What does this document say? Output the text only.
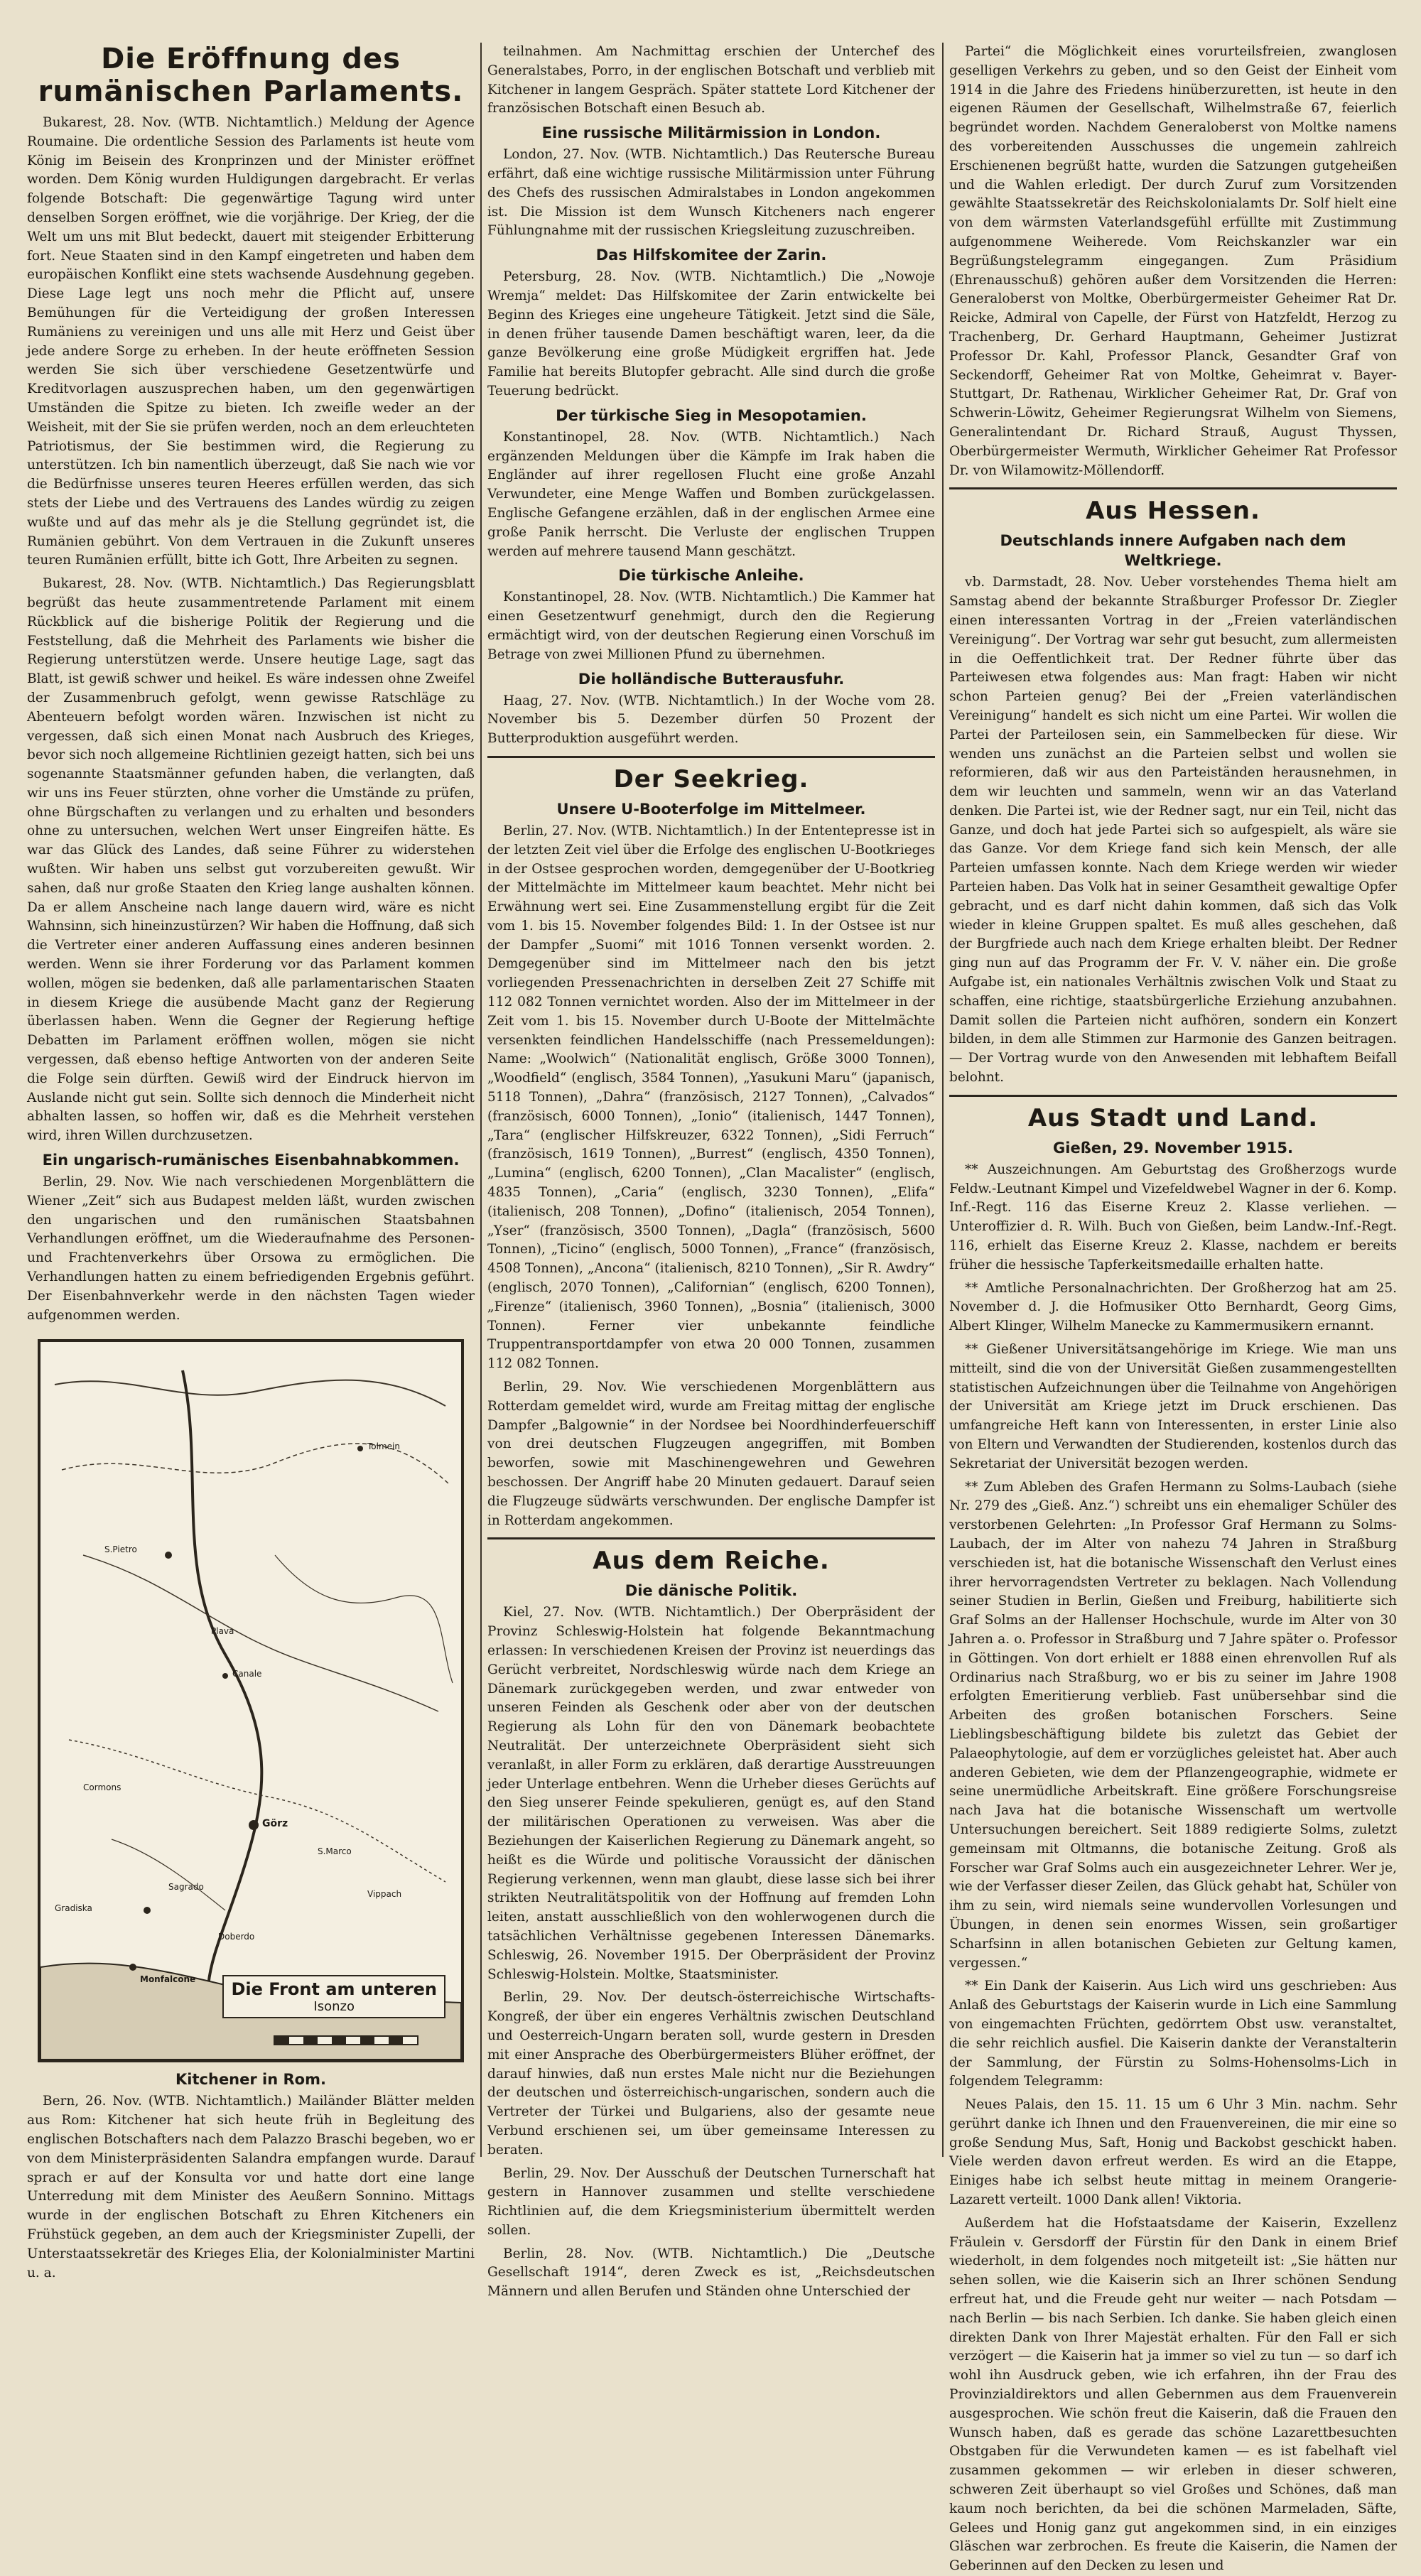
Die Eröffnung des rumänischen Parlaments.

Bukarest, 28. Nov. (WTB. Nichtamtlich.) Meldung der Agence Roumaine. Die ordentliche Session des Parlaments ist heute vom König im Beisein des Kronprinzen und der Minister eröffnet worden. Dem König wurden Huldigungen dargebracht. Er verlas folgende Botschaft: Die gegenwärtige Tagung wird unter denselben Sorgen eröffnet, wie die vorjährige. Der Krieg, der die Welt um uns mit Blut bedeckt, dauert mit steigender Erbitterung fort. Neue Staaten sind in den Kampf eingetreten und haben dem europäischen Konflikt eine stets wachsende Ausdehnung gegeben. Diese Lage legt uns noch mehr die Pflicht auf, unsere Bemühungen für die Verteidigung der großen Interessen Rumäniens zu vereinigen und uns alle mit Herz und Geist über jede andere Sorge zu erheben. In der heute eröffneten Session werden Sie sich über verschiedene Gesetzentwürfe und Kreditvorlagen auszusprechen haben, um den gegenwärtigen Umständen die Spitze zu bieten. Ich zweifle weder an der Weisheit, mit der Sie sie prüfen werden, noch an dem erleuchteten Patriotismus, der Sie bestimmen wird, die Regierung zu unterstützen. Ich bin namentlich überzeugt, daß Sie nach wie vor die Bedürfnisse unseres teuren Heeres erfüllen werden, das sich stets der Liebe und des Vertrauens des Landes würdig zu zeigen wußte und auf das mehr als je die Stellung gegründet ist, die Rumänien gebührt. Von dem Vertrauen in die Zukunft unseres teuren Rumänien erfüllt, bitte ich Gott, Ihre Arbeiten zu segnen.

Bukarest, 28. Nov. (WTB. Nichtamtlich.) Das Regierungsblatt begrüßt das heute zusammentretende Parlament mit einem Rückblick auf die bisherige Politik der Regierung und die Feststellung, daß die Mehrheit des Parlaments wie bisher die Regierung unterstützen werde. Unsere heutige Lage, sagt das Blatt, ist gewiß schwer und heikel. Es wäre indessen ohne Zweifel der Zusammenbruch gefolgt, wenn gewisse Ratschläge zu Abenteuern befolgt worden wären. Inzwischen ist nicht zu vergessen, daß sich einen Monat nach Ausbruch des Krieges, bevor sich noch allgemeine Richtlinien gezeigt hatten, sich bei uns sogenannte Staatsmänner gefunden haben, die verlangten, daß wir uns ins Feuer stürzten, ohne vorher die Umstände zu prüfen, ohne Bürgschaften zu verlangen und zu erhalten und besonders ohne zu untersuchen, welchen Wert unser Eingreifen hätte. Es war das Glück des Landes, daß seine Führer zu widerstehen wußten. Wir haben uns selbst gut vorzubereiten gewußt. Wir sahen, daß nur große Staaten den Krieg lange aushalten können. Da er allem Anscheine nach lange dauern wird, wäre es nicht Wahnsinn, sich hineinzustürzen? Wir haben die Hoffnung, daß sich die Vertreter einer anderen Auffassung eines anderen besinnen werden. Wenn sie ihrer Forderung vor das Parlament kommen wollen, mögen sie bedenken, daß alle parlamentarischen Staaten in diesem Kriege die ausübende Macht ganz der Regierung überlassen haben. Wenn die Gegner der Regierung heftige Debatten im Parlament eröffnen wollen, mögen sie nicht vergessen, daß ebenso heftige Antworten von der anderen Seite die Folge sein dürften. Gewiß wird der Eindruck hiervon im Auslande nicht gut sein. Sollte sich dennoch die Minderheit nicht abhalten lassen, so hoffen wir, daß es die Mehrheit verstehen wird, ihren Willen durchzusetzen.

Ein ungarisch-rumänisches Eisenbahnabkommen.

Berlin, 29. Nov. Wie nach verschiedenen Morgenblättern die Wiener „Zeit“ sich aus Budapest melden läßt, wurden zwischen den ungarischen und den rumänischen Staatsbahnen Verhandlungen eröffnet, um die Wiederaufnahme des Personen- und Frachtenverkehrs über Orsowa zu ermöglichen. Die Verhandlungen hatten zu einem befriedigenden Ergebnis geführt. Der Eisenbahnverkehr werde in den nächsten Tagen wieder aufgenommen werden.

S.Pietro
Görz
Gradiska
Monfalcone
Cormons
Canale
Tolmein
S.Marco
Doberdo
Vippach
Sagrado
Plava
Die Front am unteren
Isonzo
Kitchener in Rom.

Bern, 26. Nov. (WTB. Nichtamtlich.) Mailänder Blätter melden aus Rom: Kitchener hat sich heute früh in Begleitung des englischen Botschafters nach dem Palazzo Braschi begeben, wo er von dem Ministerpräsidenten Salandra empfangen wurde. Darauf sprach er auf der Konsulta vor und hatte dort eine lange Unterredung mit dem Minister des Aeußern Sonnino. Mittags wurde in der englischen Botschaft zu Ehren Kitcheners ein Frühstück gegeben, an dem auch der Kriegsminister Zupelli, der Unterstaatssekretär des Krieges Elia, der Kolonialminister Martini u. a.

teilnahmen. Am Nachmittag erschien der Unterchef des Generalstabes, Porro, in der englischen Botschaft und verblieb mit Kitchener in langem Gespräch. Später stattete Lord Kitchener der französischen Botschaft einen Besuch ab.

Eine russische Militärmission in London.

London, 27. Nov. (WTB. Nichtamtlich.) Das Reutersche Bureau erfährt, daß eine wichtige russische Militärmission unter Führung des Chefs des russischen Admiralstabes in London angekommen ist. Die Mission ist dem Wunsch Kitcheners nach engerer Fühlungnahme mit der russischen Kriegsleitung zuzuschreiben.

Das Hilfskomitee der Zarin.

Petersburg, 28. Nov. (WTB. Nichtamtlich.) Die „Nowoje Wremja“ meldet: Das Hilfskomitee der Zarin entwickelte bei Beginn des Krieges eine ungeheure Tätigkeit. Jetzt sind die Säle, in denen früher tausende Damen beschäftigt waren, leer, da die ganze Bevölkerung eine große Müdigkeit ergriffen hat. Jede Familie hat bereits Blutopfer gebracht. Alle sind durch die große Teuerung bedrückt.

Der türkische Sieg in Mesopotamien.

Konstantinopel, 28. Nov. (WTB. Nichtamtlich.) Nach ergänzenden Meldungen über die Kämpfe im Irak haben die Engländer auf ihrer regellosen Flucht eine große Anzahl Verwundeter, eine Menge Waffen und Bomben zurückgelassen. Englische Gefangene erzählen, daß in der englischen Armee eine große Panik herrscht. Die Verluste der englischen Truppen werden auf mehrere tausend Mann geschätzt.

Die türkische Anleihe.

Konstantinopel, 28. Nov. (WTB. Nichtamtlich.) Die Kammer hat einen Gesetzentwurf genehmigt, durch den die Regierung ermächtigt wird, von der deutschen Regierung einen Vorschuß im Betrage von zwei Millionen Pfund zu übernehmen.

Die holländische Butterausfuhr.

Haag, 27. Nov. (WTB. Nichtamtlich.) In der Woche vom 28. November bis 5. Dezember dürfen 50 Prozent der Butterproduktion ausgeführt werden.

Der Seekrieg.
Unsere U-Booterfolge im Mittelmeer.

Berlin, 27. Nov. (WTB. Nichtamtlich.) In der Ententepresse ist in der letzten Zeit viel über die Erfolge des englischen U-Bootkrieges in der Ostsee gesprochen worden, demgegenüber der U-Bootkrieg der Mittelmächte im Mittelmeer kaum beachtet. Mehr nicht bei Erwähnung wert sei. Eine Zusammenstellung ergibt für die Zeit vom 1. bis 15. November folgendes Bild: 1. In der Ostsee ist nur der Dampfer „Suomi“ mit 1016 Tonnen versenkt worden. 2. Demgegenüber sind im Mittelmeer nach den bis jetzt vorliegenden Pressenachrichten in derselben Zeit 27 Schiffe mit 112 082 Tonnen vernichtet worden. Also der im Mittelmeer in der Zeit vom 1. bis 15. November durch U-Boote der Mittelmächte versenkten feindlichen Handelsschiffe (nach Pressemeldungen): Name: „Woolwich“ (Nationalität englisch, Größe 3000 Tonnen), „Woodfield“ (englisch, 3584 Tonnen), „Yasukuni Maru“ (japanisch, 5118 Tonnen), „Dahra“ (französisch, 2127 Tonnen), „Calvados“ (französisch, 6000 Tonnen), „Ionio“ (italienisch, 1447 Tonnen), „Tara“ (englischer Hilfskreuzer, 6322 Tonnen), „Sidi Ferruch“ (französisch, 1619 Tonnen), „Burrest“ (englisch, 4350 Tonnen), „Lumina“ (englisch, 6200 Tonnen), „Clan Macalister“ (englisch, 4835 Tonnen), „Caria“ (englisch, 3230 Tonnen), „Elifa“ (italienisch, 208 Tonnen), „Dofino“ (italienisch, 2054 Tonnen), „Yser“ (französisch, 3500 Tonnen), „Dagla“ (französisch, 5600 Tonnen), „Ticino“ (englisch, 5000 Tonnen), „France“ (französisch, 4508 Tonnen), „Ancona“ (italienisch, 8210 Tonnen), „Sir R. Awdry“ (englisch, 2070 Tonnen), „Californian“ (englisch, 6200 Tonnen), „Firenze“ (italienisch, 3960 Tonnen), „Bosnia“ (italienisch, 3000 Tonnen). Ferner vier unbekannte feindliche Truppentransportdampfer von etwa 20 000 Tonnen, zusammen 112 082 Tonnen.

Berlin, 29. Nov. Wie verschiedenen Morgenblättern aus Rotterdam gemeldet wird, wurde am Freitag mittag der englische Dampfer „Balgownie“ in der Nordsee bei Noordhinderfeuerschiff von drei deutschen Flugzeugen angegriffen, mit Bomben beworfen, sowie mit Maschinengewehren und Gewehren beschossen. Der Angriff habe 20 Minuten gedauert. Darauf seien die Flugzeuge südwärts verschwunden. Der englische Dampfer ist in Rotterdam angekommen.

Aus dem Reiche.
Die dänische Politik.

Kiel, 27. Nov. (WTB. Nichtamtlich.) Der Oberpräsident der Provinz Schleswig-Holstein hat folgende Bekanntmachung erlassen: In verschiedenen Kreisen der Provinz ist neuerdings das Gerücht verbreitet, Nordschleswig würde nach dem Kriege an Dänemark zurückgegeben werden, und zwar entweder von unseren Feinden als Geschenk oder aber von der deutschen Regierung als Lohn für den von Dänemark beobachtete Neutralität. Der unterzeichnete Oberpräsident sieht sich veranlaßt, in aller Form zu erklären, daß derartige Ausstreuungen jeder Unterlage entbehren. Wenn die Urheber dieses Gerüchts auf den Sieg unserer Feinde spekulieren, genügt es, auf den Stand der militärischen Operationen zu verweisen. Was aber die Beziehungen der Kaiserlichen Regierung zu Dänemark angeht, so heißt es die Würde und politische Voraussicht der dänischen Regierung verkennen, wenn man glaubt, diese lasse sich bei ihrer strikten Neutralitätspolitik von der Hoffnung auf fremden Lohn leiten, anstatt ausschließlich von den wohlerwogenen durch die tatsächlichen Verhältnisse gegebenen Interessen Dänemarks. Schleswig, 26. November 1915. Der Oberpräsident der Provinz Schleswig-Holstein. Moltke, Staatsminister.

Berlin, 29. Nov. Der deutsch-österreichische Wirtschafts-Kongreß, der über ein engeres Verhältnis zwischen Deutschland und Oesterreich-Ungarn beraten soll, wurde gestern in Dresden mit einer Ansprache des Oberbürgermeisters Blüher eröffnet, der darauf hinwies, daß nun erstes Male nicht nur die Beziehungen der deutschen und österreichisch-ungarischen, sondern auch die Vertreter der Türkei und Bulgariens, also der gesamte neue Verbund erschienen sei, um über gemeinsame Interessen zu beraten.

Berlin, 29. Nov. Der Ausschuß der Deutschen Turnerschaft hat gestern in Hannover zusammen und stellte verschiedene Richtlinien auf, die dem Kriegsministerium übermittelt werden sollen.

Berlin, 28. Nov. (WTB. Nichtamtlich.) Die „Deutsche Gesellschaft 1914“, deren Zweck es ist, „Reichsdeutschen Männern und allen Berufen und Ständen ohne Unterschied der

Partei“ die Möglichkeit eines vorurteilsfreien, zwanglosen geselligen Verkehrs zu geben, und so den Geist der Einheit vom 1914 in die Jahre des Friedens hinüberzuretten, ist heute in den eigenen Räumen der Gesellschaft, Wilhelmstraße 67, feierlich begründet worden. Nachdem Generaloberst von Moltke namens des vorbereitenden Ausschusses die ungemein zahlreich Erschienenen begrüßt hatte, wurden die Satzungen gutgeheißen und die Wahlen erledigt. Der durch Zuruf zum Vorsitzenden gewählte Staatssekretär des Reichskolonialamts Dr. Solf hielt eine von dem wärmsten Vaterlandsgefühl erfüllte mit Zustimmung aufgenommene Weiherede. Vom Reichskanzler war ein Begrüßungstelegramm eingegangen. Zum Präsidium (Ehrenausschuß) gehören außer dem Vorsitzenden die Herren: Generaloberst von Moltke, Oberbürgermeister Geheimer Rat Dr. Reicke, Admiral von Capelle, der Fürst von Hatzfeldt, Herzog zu Trachenberg, Dr. Gerhard Hauptmann, Geheimer Justizrat Professor Dr. Kahl, Professor Planck, Gesandter Graf von Seckendorff, Geheimer Rat von Moltke, Geheimrat v. Bayer-Stuttgart, Dr. Rathenau, Wirklicher Geheimer Rat, Dr. Graf von Schwerin-Löwitz, Geheimer Regierungsrat Wilhelm von Siemens, Generalintendant Dr. Richard Strauß, August Thyssen, Oberbürgermeister Wermuth, Wirklicher Geheimer Rat Professor Dr. von Wilamowitz-Möllendorff.

Aus Hessen.
Deutschlands innere Aufgaben nach dem Weltkriege.

vb. Darmstadt, 28. Nov. Ueber vorstehendes Thema hielt am Samstag abend der bekannte Straßburger Professor Dr. Ziegler einen interessanten Vortrag in der „Freien vaterländischen Vereinigung“. Der Vortrag war sehr gut besucht, zum allermeisten in die Oeffentlichkeit trat. Der Redner führte über das Parteiwesen etwa folgendes aus: Man fragt: Haben wir nicht schon Parteien genug? Bei der „Freien vaterländischen Vereinigung“ handelt es sich nicht um eine Partei. Wir wollen die Partei der Parteilosen sein, ein Sammelbecken für diese. Wir wenden uns zunächst an die Parteien selbst und wollen sie reformieren, daß wir aus den Parteiständen herausnehmen, in dem wir leuchten und sammeln, wenn wir an das Vaterland denken. Die Partei ist, wie der Redner sagt, nur ein Teil, nicht das Ganze, und doch hat jede Partei sich so aufgespielt, als wäre sie das Ganze. Vor dem Kriege fand sich kein Mensch, der alle Parteien umfassen konnte. Nach dem Kriege werden wir wieder Parteien haben. Das Volk hat in seiner Gesamtheit gewaltige Opfer gebracht, und es darf nicht dahin kommen, daß sich das Volk wieder in kleine Gruppen spaltet. Es muß alles geschehen, daß der Burgfriede auch nach dem Kriege erhalten bleibt. Der Redner ging nun auf das Programm der Fr. V. V. näher ein. Die große Aufgabe ist, ein nationales Verhältnis zwischen Volk und Staat zu schaffen, eine richtige, staatsbürgerliche Erziehung anzubahnen. Damit sollen die Parteien nicht aufhören, sondern ein Konzert bilden, in dem alle Stimmen zur Harmonie des Ganzen beitragen. — Der Vortrag wurde von den Anwesenden mit lebhaftem Beifall belohnt.

Aus Stadt und Land.
Gießen, 29. November 1915.

** Auszeichnungen. Am Geburtstag des Großherzogs wurde Feldw.-Leutnant Kimpel und Vizefeldwebel Wagner in der 6. Komp. Inf.-Regt. 116 das Eiserne Kreuz 2. Klasse verliehen. — Unteroffizier d. R. Wilh. Buch von Gießen, beim Landw.-Inf.-Regt. 116, erhielt das Eiserne Kreuz 2. Klasse, nachdem er bereits früher die hessische Tapferkeitsmedaille erhalten hatte.

** Amtliche Personalnachrichten. Der Großherzog hat am 25. November d. J. die Hofmusiker Otto Bernhardt, Georg Gims, Albert Klinger, Wilhelm Manecke zu Kammermusikern ernannt.

** Gießener Universitätsangehörige im Kriege. Wie man uns mitteilt, sind die von der Universität Gießen zusammengestellten statistischen Aufzeichnungen über die Teilnahme von Angehörigen der Universität am Kriege jetzt im Druck erschienen. Das umfangreiche Heft kann von Interessenten, in erster Linie also von Eltern und Verwandten der Studierenden, kostenlos durch das Sekretariat der Universität bezogen werden.

** Zum Ableben des Grafen Hermann zu Solms-Laubach (siehe Nr. 279 des „Gieß. Anz.“) schreibt uns ein ehemaliger Schüler des verstorbenen Gelehrten: „In Professor Graf Hermann zu Solms-Laubach, der im Alter von nahezu 74 Jahren in Straßburg verschieden ist, hat die botanische Wissenschaft den Verlust eines ihrer hervorragendsten Vertreter zu beklagen. Nach Vollendung seiner Studien in Berlin, Gießen und Freiburg, habilitierte sich Graf Solms an der Hallenser Hochschule, wurde im Alter von 30 Jahren a. o. Professor in Straßburg und 7 Jahre später o. Professor in Göttingen. Von dort erhielt er 1888 einen ehrenvollen Ruf als Ordinarius nach Straßburg, wo er bis zu seiner im Jahre 1908 erfolgten Emeritierung verblieb. Fast unübersehbar sind die Arbeiten des großen botanischen Forschers. Seine Lieblingsbeschäftigung bildete bis zuletzt das Gebiet der Palaeophytologie, auf dem er vorzügliches geleistet hat. Aber auch anderen Gebieten, wie dem der Pflanzengeographie, widmete er seine unermüdliche Arbeitskraft. Eine größere Forschungsreise nach Java hat die botanische Wissenschaft um wertvolle Untersuchungen bereichert. Seit 1889 redigierte Solms, zuletzt gemeinsam mit Oltmanns, die botanische Zeitung. Groß als Forscher war Graf Solms auch ein ausgezeichneter Lehrer. Wer je, wie der Verfasser dieser Zeilen, das Glück gehabt hat, Schüler von ihm zu sein, wird niemals seine wundervollen Vorlesungen und Übungen, in denen sein enormes Wissen, sein großartiger Scharfsinn in allen botanischen Gebieten zur Geltung kamen, vergessen.“

** Ein Dank der Kaiserin. Aus Lich wird uns geschrieben: Aus Anlaß des Geburtstags der Kaiserin wurde in Lich eine Sammlung von eingemachten Früchten, gedörrtem Obst usw. veranstaltet, die sehr reichlich ausfiel. Die Kaiserin dankte der Veranstalterin der Sammlung, der Fürstin zu Solms-Hohensolms-Lich in folgendem Telegramm:

Neues Palais, den 15. 11. 15 um 6 Uhr 3 Min. nachm. Sehr gerührt danke ich Ihnen und den Frauenvereinen, die mir eine so große Sendung Mus, Saft, Honig und Backobst geschickt haben. Viele werden davon erfreut werden. Es wird an die Etappe, Einiges habe ich selbst heute mittag in meinem Orangerie-Lazarett verteilt. 1000 Dank allen! Viktoria.

Außerdem hat die Hofstaatsdame der Kaiserin, Exzellenz Fräulein v. Gersdorff der Fürstin für den Dank in einem Brief wiederholt, in dem folgendes noch mitgeteilt ist: „Sie hätten nur sehen sollen, wie die Kaiserin sich an Ihrer schönen Sendung erfreut hat, und die Freude geht nur weiter — nach Potsdam — nach Berlin — bis nach Serbien. Ich danke. Sie haben gleich einen direkten Dank von Ihrer Majestät erhalten. Für den Fall er sich verzögert — die Kaiserin hat ja immer so viel zu tun — so darf ich wohl ihn Ausdruck geben, wie ich erfahren, ihn der Frau des Provinzialdirektors und allen Gebernmen aus dem Frauenverein ausgesprochen. Wie schön freut die Kaiserin, daß die Frauen den Wunsch haben, daß es gerade das schöne Lazarettbesuchten Obstgaben für die Verwundeten kamen — es ist fabelhaft viel zusammen gekommen — wir erleben in dieser schweren, schweren Zeit überhaupt so viel Großes und Schönes, daß man kaum noch berichten, da bei die schönen Marmeladen, Säfte, Gelees und Honig ganz gut angekommen sind, in ein einziges Gläschen war zerbrochen. Es freute die Kaiserin, die Namen der Geberinnen auf den Decken zu lesen und
